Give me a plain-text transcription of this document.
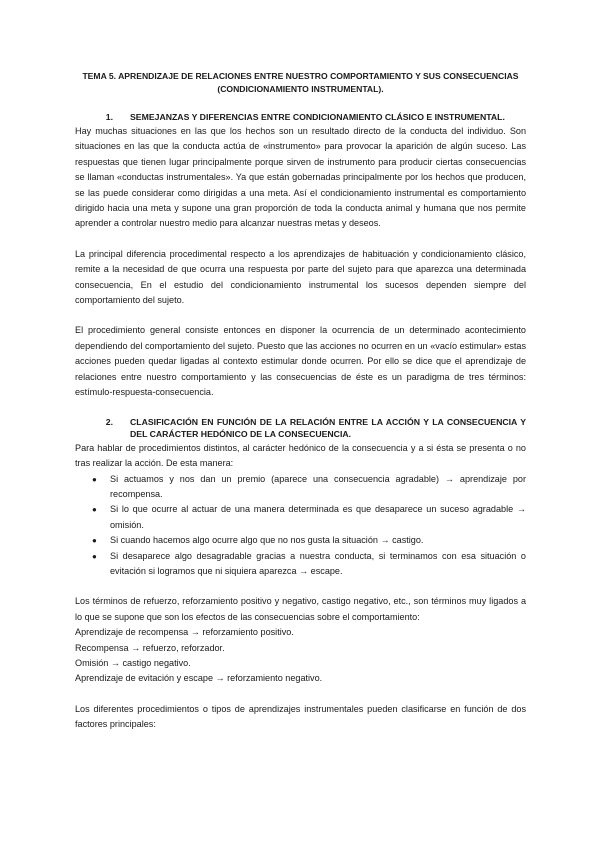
TEMA 5. APRENDIZAJE DE RELACIONES ENTRE NUESTRO COMPORTAMIENTO Y SUS CONSECUENCIAS
(CONDICIONAMIENTO INSTRUMENTAL).
1.	SEMEJANZAS Y DIFERENCIAS ENTRE CONDICIONAMIENTO CLÁSICO E INSTRUMENTAL.

Hay muchas situaciones en las que los hechos son un resultado directo de la conducta del individuo. Son situaciones en las que la conducta actúa de «instrumento» para provocar la aparición de algún suceso. Las respuestas que tienen lugar principalmente porque sirven de instrumento para producir ciertas consecuencias se llaman «conductas instrumentales». Ya que están gobernadas principalmente por los hechos que producen, se las puede considerar como dirigidas a una meta. Así el condicionamiento instrumental es comportamiento dirigido hacia una meta y supone una gran proporción de toda la conducta animal y humana que nos permite aprender a controlar nuestro medio para alcanzar nuestras metas y deseos.

La principal diferencia procedimental respecto a los aprendizajes de habituación y condicionamiento clásico, remite a la necesidad de que ocurra una respuesta por parte del sujeto para que aparezca una determinada consecuencia, En el estudio del condicionamiento instrumental los sucesos dependen siempre del comportamiento del sujeto.

El procedimiento general consiste entonces en disponer la ocurrencia de un determinado acontecimiento dependiendo del comportamiento del sujeto. Puesto que las acciones no ocurren en un «vacío estimular» estas acciones pueden quedar ligadas al contexto estimular donde ocurren. Por ello se dice que el aprendizaje de relaciones entre nuestro comportamiento y las consecuencias de éste es un paradigma de tres términos: estímulo-respuesta-consecuencia.

2.	CLASIFICACIÓN EN FUNCIÓN DE LA RELACIÓN ENTRE LA ACCIÓN Y LA CONSECUENCIA Y DEL CARÁCTER HEDÓNICO DE LA CONSECUENCIA.

Para hablar de procedimientos distintos, al carácter hedónico de la consecuencia y a si ésta se presenta o no tras realizar la acción. De esta manera:

●	Si actuamos y nos dan un premio (aparece una consecuencia agradable) → aprendizaje por recompensa.
●	Si lo que ocurre al actuar de una manera determinada es que desaparece un suceso agradable → omisión.
●	Si cuando hacemos algo ocurre algo que no nos gusta la situación → castigo.
●	Si desaparece algo desagradable gracias a nuestra conducta, si terminamos con esa situación o evitación si logramos que ni siquiera aparezca → escape.

Los términos de refuerzo, reforzamiento positivo y negativo, castigo negativo, etc., son términos muy ligados a lo que se supone que son los efectos de las consecuencias sobre el comportamiento:

Aprendizaje de recompensa → reforzamiento positivo.
Recompensa → refuerzo, reforzador.
Omisión → castigo negativo.
Aprendizaje de evitación y escape → reforzamiento negativo.

Los diferentes procedimientos o tipos de aprendizajes instrumentales pueden clasificarse en función de dos factores principales:
